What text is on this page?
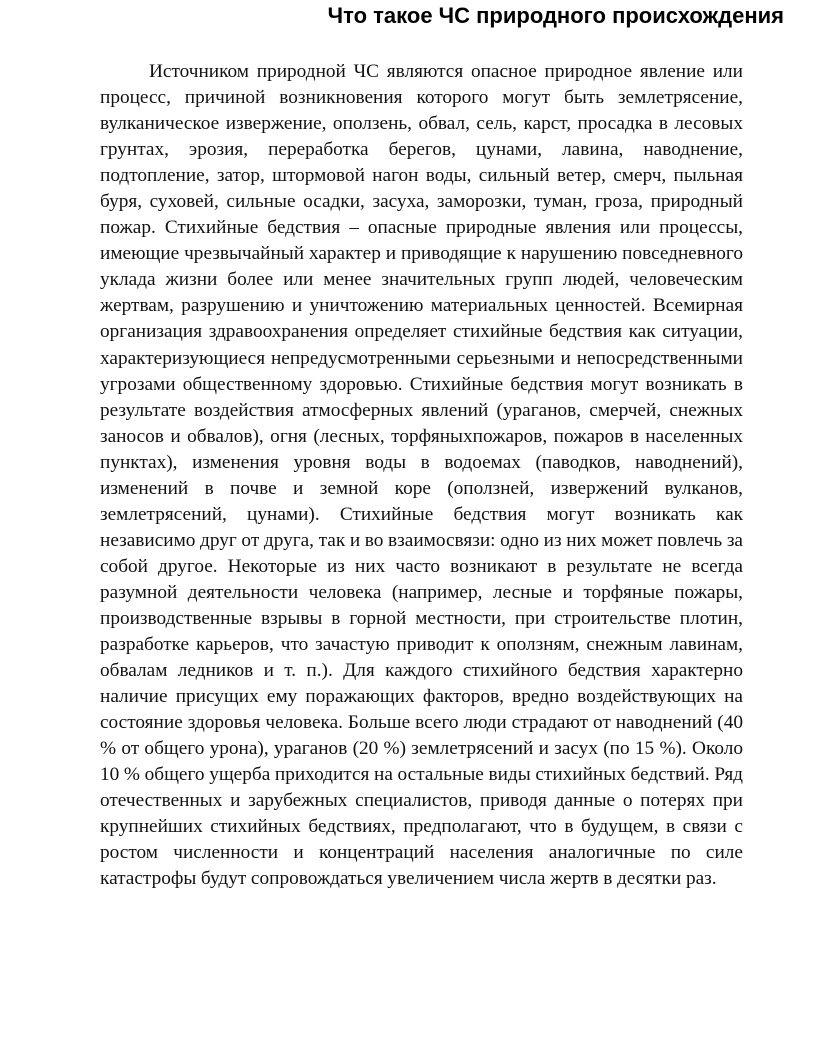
Что такое ЧС природного происхождения

Источником природной ЧС являются опасное природное явление или процесс, причиной возникновения которого могут быть землетрясение, вулканическое извержение, оползень, обвал, сель, карст, просадка в лесовых грунтах, эрозия, переработка берегов, цунами, лавина, наводнение, подтопление, затор, штормовой нагон воды, сильный ветер, смерч, пыльная буря, суховей, сильные осадки, засуха, заморозки, туман, гроза, природный пожар. Стихийные бедствия – опасные природные явления или процессы, имеющие чрезвычайный характер и приводящие к нарушению повседневного уклада жизни более или менее значительных групп людей, человеческим жертвам, разрушению и уничтожению материальных ценностей. Всемирная организация здравоохранения определяет стихийные бедствия как ситуации, характеризующиеся непредусмотренными серьезными и непосредственными угрозами общественному здоровью. Стихийные бедствия могут возникать в результате воздействия атмосферных явлений (ураганов, смерчей, снежных заносов и обвалов), огня (лесных, торфяныхпожаров, пожаров в населенных пунктах), изменения уровня воды в водоемах (паводков, наводнений), изменений в почве и земной коре (оползней, извержений вулканов, землетрясений, цунами). Стихийные бедствия могут возникать как независимо друг от друга, так и во взаимосвязи: одно из них может повлечь за собой другое. Некоторые из них часто возникают в результате не всегда разумной деятельности человека (например, лесные и торфяные пожары, производственные взрывы в горной местности, при строительстве плотин, разработке карьеров, что зачастую приводит к оползням, снежным лавинам, обвалам ледников и т. п.). Для каждого стихийного бедствия характерно наличие присущих ему поражающих факторов, вредно воздействующих на состояние здоровья человека. Больше всего люди страдают от наводнений (40 % от общего урона), ураганов (20 %) землетрясений и засух (по 15 %). Около 10 % общего ущерба приходится на остальные виды стихийных бедствий. Ряд отечественных и зарубежных специалистов, приводя данные о потерях при крупнейших стихийных бедствиях, предполагают, что в будущем, в связи с ростом численности и концентраций населения аналогичные по силе катастрофы будут сопровождаться увеличением числа жертв в десятки раз.
